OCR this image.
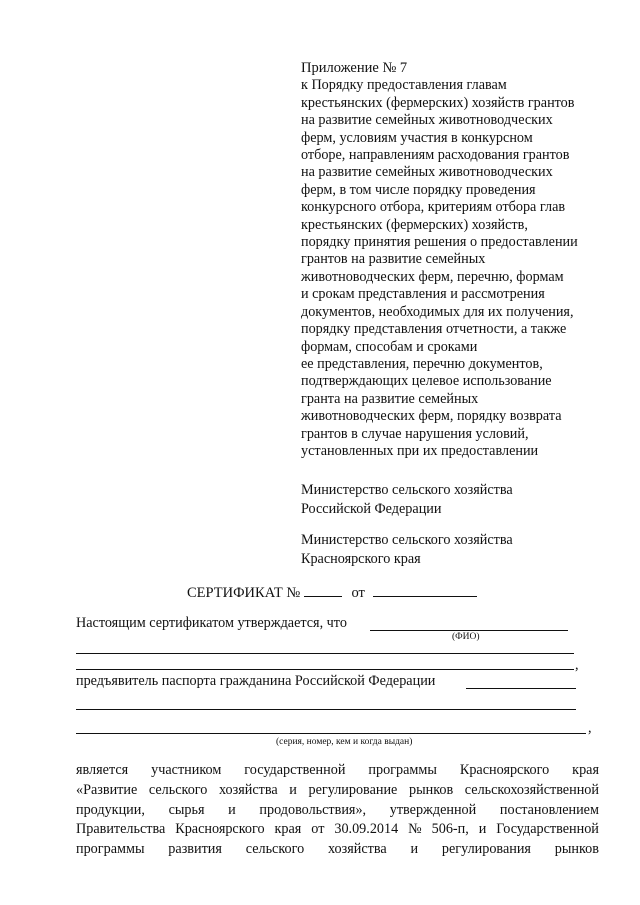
Приложение № 7
к Порядку предоставления главам
крестьянских (фермерских) хозяйств грантов
на развитие семейных животноводческих
ферм, условиям участия в конкурсном
отборе, направлениям расходования грантов
на развитие семейных животноводческих
ферм, в том числе порядку проведения
конкурсного отбора, критериям отбора глав
крестьянских (фермерских) хозяйств,
порядку принятия решения о предоставлении
грантов на развитие семейных
животноводческих ферм, перечню, формам
и срокам представления и рассмотрения
документов, необходимых для их получения,
порядку представления отчетности, а также
формам, способам и сроками
ее представления, перечню документов,
подтверждающих целевое использование
гранта на развитие семейных
животноводческих ферм, порядку возврата
грантов в случае нарушения условий,
установленных при их предоставлении
Министерство сельского хозяйства
Российской Федерации
Министерство сельского хозяйства
Красноярского края
СЕРТИФИКАТ №	от
Настоящим сертификатом утверждается, что
(ФИО)
,
предъявитель паспорта гражданина Российской Федерации
,
(серия, номер, кем и когда выдан)
является участником государственной программы Красноярского края
«Развитие сельского хозяйства и регулирование рынков сельскохозяйственной
продукции, сырья и продовольствия», утвержденной постановлением
Правительства Красноярского края от 30.09.2014 № 506-п, и Государственной
программы развития сельского хозяйства и регулирования рынков
